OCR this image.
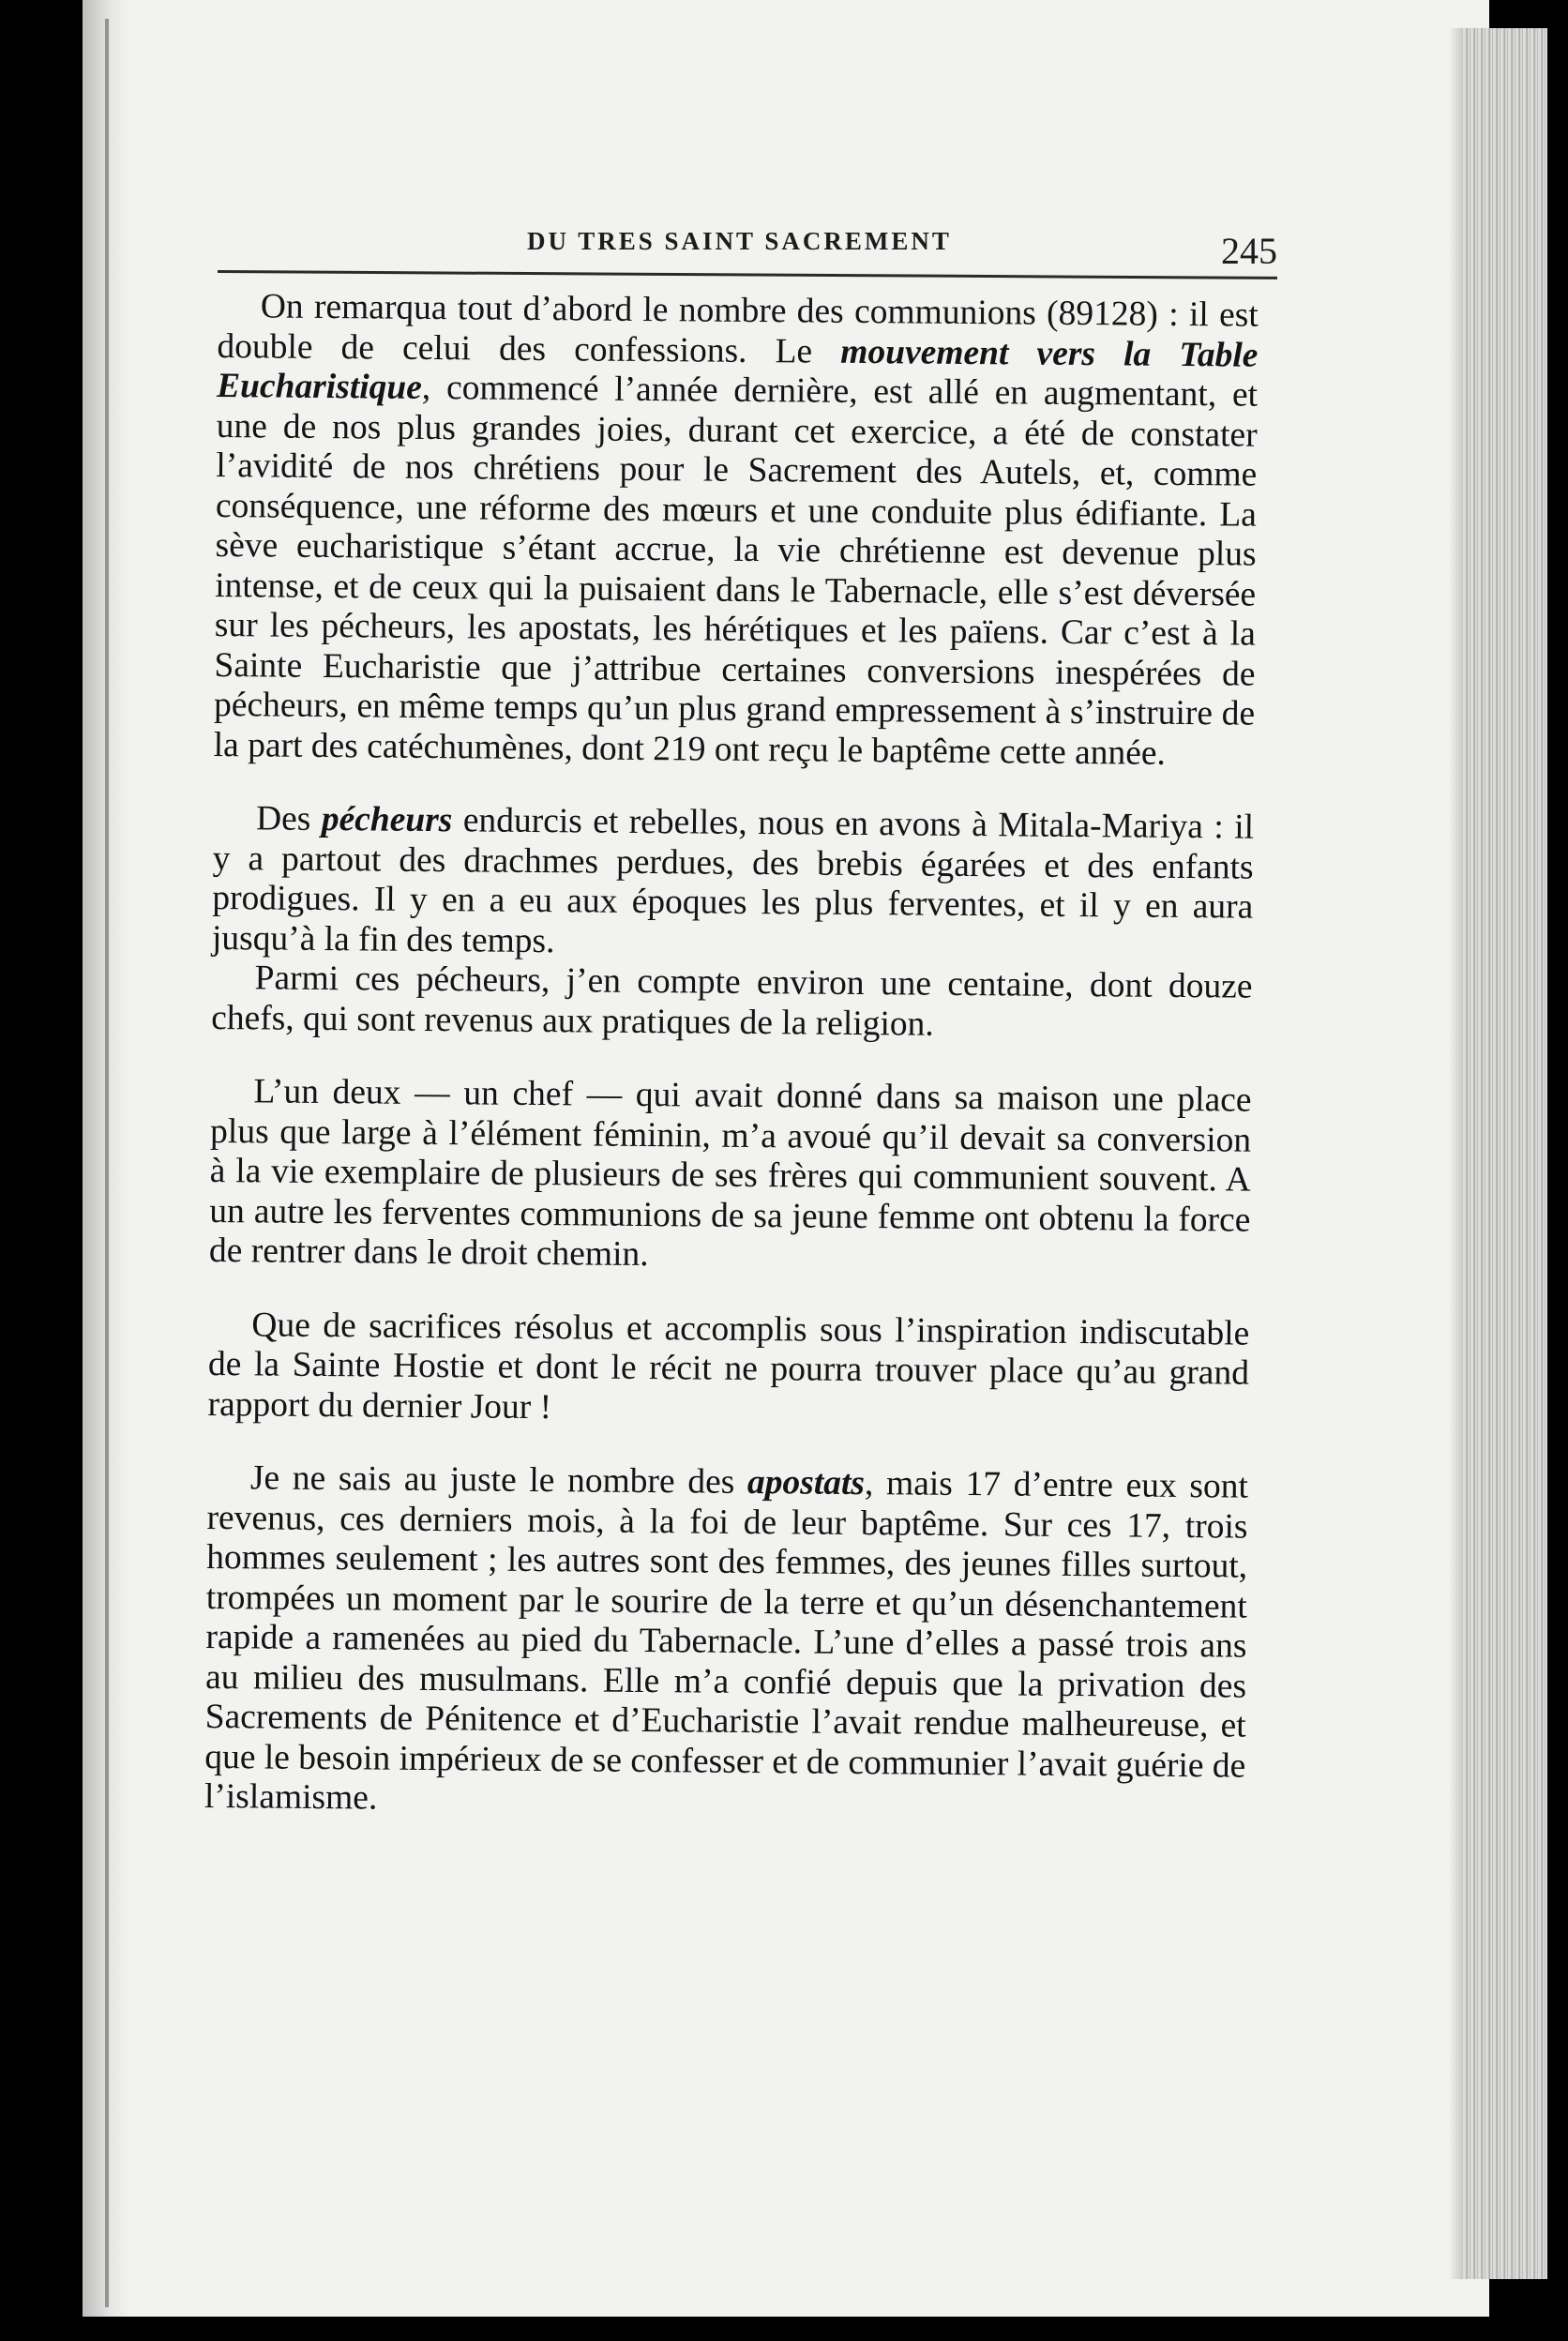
DU TRES SAINT SACREMENT	245

On remarqua tout d’abord le nombre des communions (89128) : il est double de celui des confessions. Le mouvement vers la Table Eucharistique, commencé l’année dernière, est allé en augmentant, et une de nos plus grandes joies, durant cet exercice, a été de constater l’avidité de nos chrétiens pour le Sacrement des Autels, et, comme conséquence, une réforme des mœurs et une conduite plus édifiante. La sève eucharistique s’étant accrue, la vie chrétienne est devenue plus intense, et de ceux qui la puisaient dans le Tabernacle, elle s’est déversée sur les pécheurs, les apostats, les hérétiques et les païens. Car c’est à la Sainte Eucharistie que j’attribue certaines conversions inespérées de pécheurs, en même temps qu’un plus grand empressement à s’instruire de la part des catéchumènes, dont 219 ont reçu le baptême cette année.

Des pécheurs endurcis et rebelles, nous en avons à Mitala-Mariya : il y a partout des drachmes perdues, des brebis égarées et des enfants prodigues. Il y en a eu aux époques les plus ferventes, et il y en aura jusqu’à la fin des temps.

Parmi ces pécheurs, j’en compte environ une centaine, dont douze chefs, qui sont revenus aux pratiques de la religion.

L’un deux — un chef — qui avait donné dans sa maison une place plus que large à l’élément féminin, m’a avoué qu’il devait sa conversion à la vie exemplaire de plusieurs de ses frères qui communient souvent. A un autre les ferventes communions de sa jeune femme ont obtenu la force de rentrer dans le droit chemin.

Que de sacrifices résolus et accomplis sous l’inspiration indiscutable de la Sainte Hostie et dont le récit ne pourra trouver place qu’au grand rapport du dernier Jour !

Je ne sais au juste le nombre des apostats, mais 17 d’entre eux sont revenus, ces derniers mois, à la foi de leur baptême. Sur ces 17, trois hommes seulement ; les autres sont des femmes, des jeunes filles surtout, trompées un moment par le sourire de la terre et qu’un désenchantement rapide a ramenées au pied du Tabernacle. L’une d’elles a passé trois ans au milieu des musulmans. Elle m’a confié depuis que la privation des Sacrements de Pénitence et d’Eucharistie l’avait rendue malheureuse, et que le besoin impérieux de se confesser et de communier l’avait guérie de l’islamisme.
